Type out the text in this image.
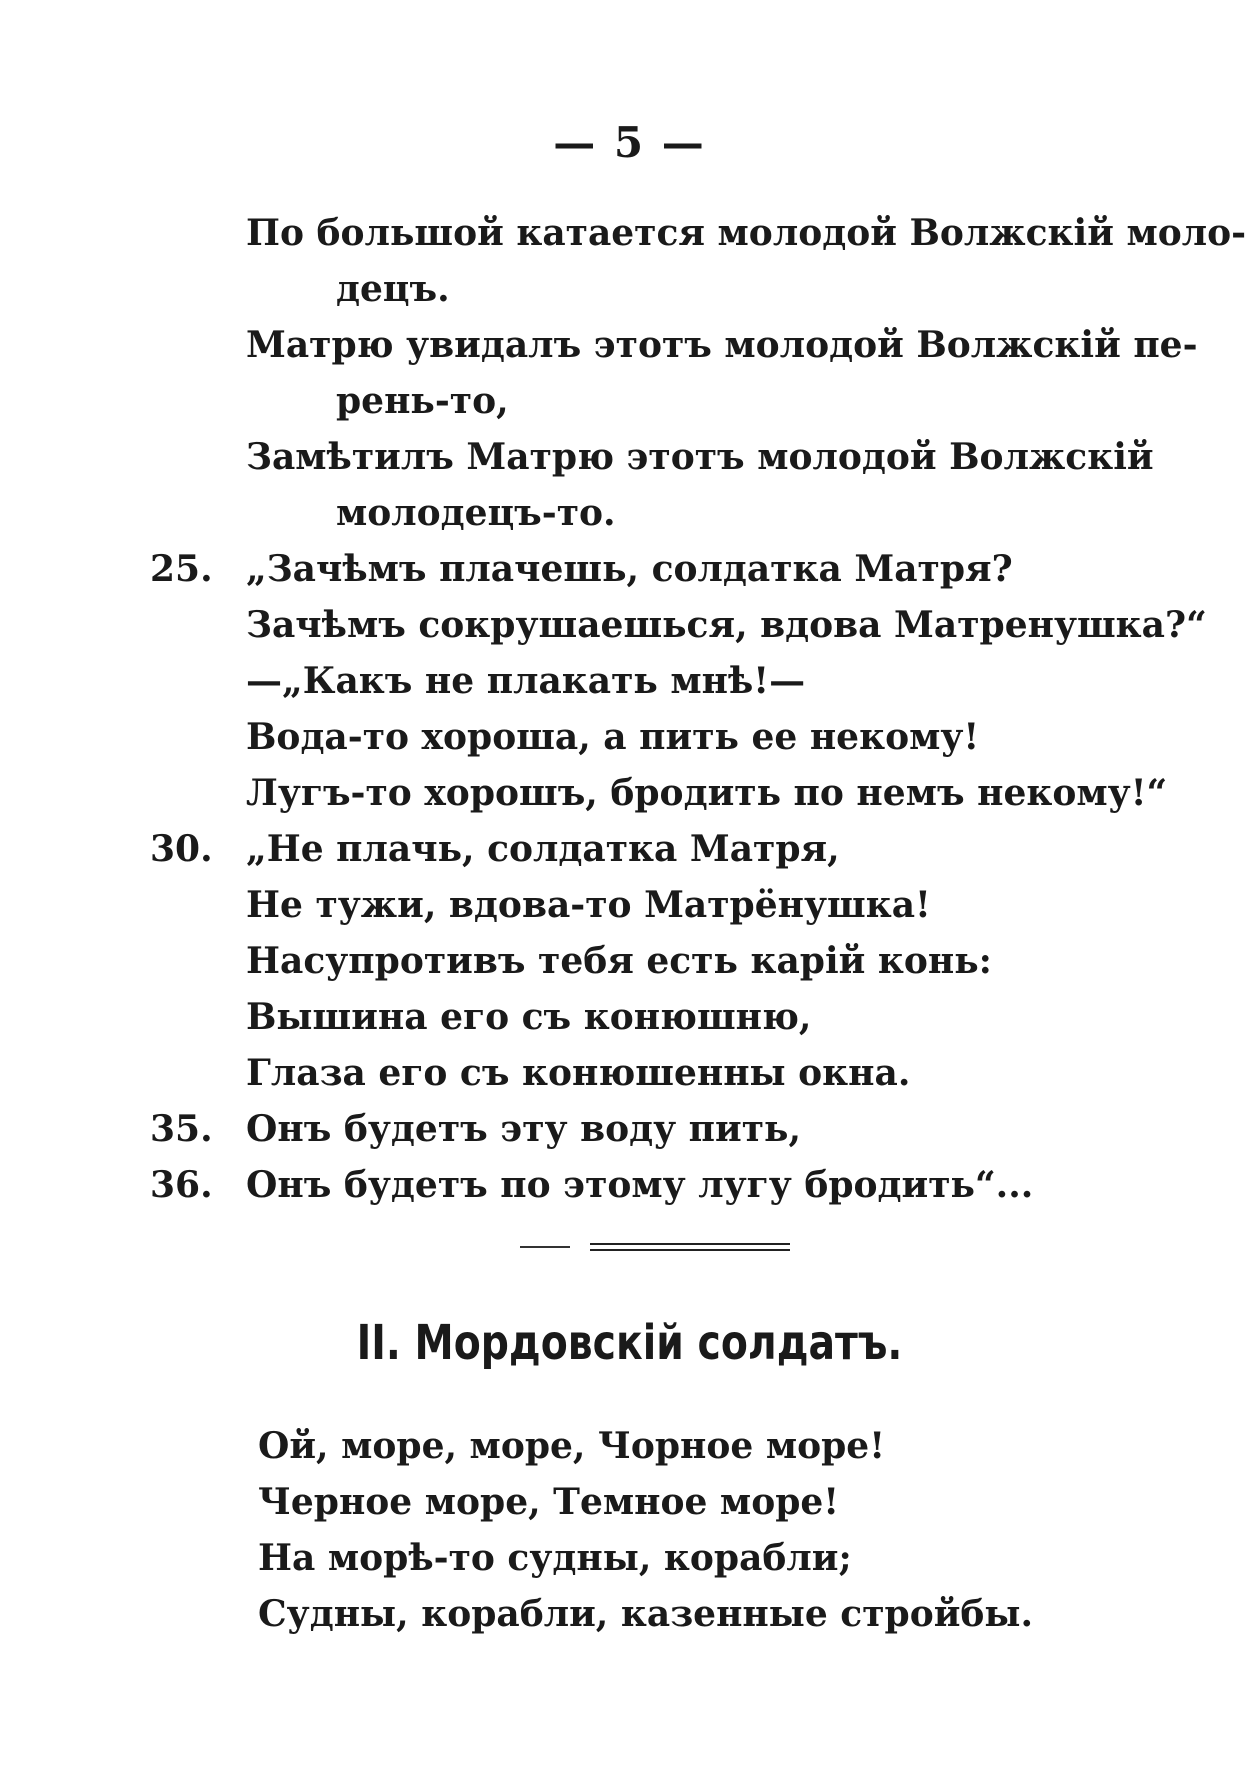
— 5 —
По большой катается молодой Волжскій моло-
децъ.
Матрю увидалъ этотъ молодой Волжскій пе-
рень-то,
Замѣтилъ Матрю этотъ молодой Волжскій
молодецъ-то.
25. „Зачѣмъ плачешь, солдатка Матря?
Зачѣмъ сокрушаешься, вдова Матренушка?“
—„Какъ не плакать мнѣ!—
Вода-то хороша, а пить ее некому!
Лугъ-то хорошъ, бродить по немъ некому!“
30. „Не плачь, солдатка Матря,
Не тужи, вдова-то Матрёнушка!
Насупротивъ тебя есть карій конь:
Вышина его съ конюшню,
Глаза его съ конюшенны окна.
35. Онъ будетъ эту воду пить,
36. Онъ будетъ по этому лугу бродить“...
II. Мордовскій солдатъ.
Ой, море, море, Чорное море!
Черное море, Темное море!
На морѣ-то судны, корабли;
Судны, корабли, казенные стройбы.
